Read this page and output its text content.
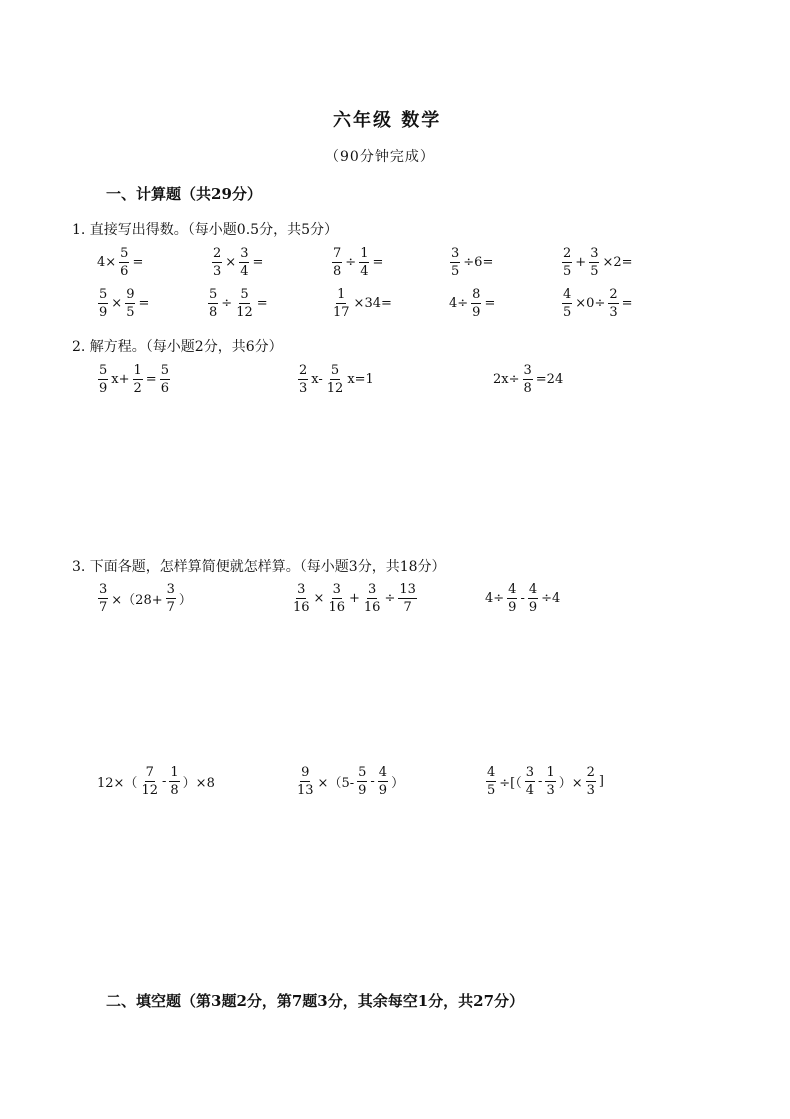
六年级 数学
（90分钟完成）
一、计算题（共29分）
1. 直接写出得数。（每小题0.5分，共5分）
$4\times \frac{5}{6}$ =	$\frac{2}{3} \times \frac{3}{4}$ =	$\frac{7}{8} \div \frac{1}{4}$ =	$\frac{3}{5} \div 6=$	$\frac{2}{5} + \frac{3}{5} \times 2=$
$\frac{5}{9} \times \frac{9}{5}$ =	$\frac{5}{8} \div \frac{5}{12}$ =	$\frac{1}{17} \times 34=$	$4\div \frac{8}{9}$ =	$\frac{4}{5} \times 0\div \frac{2}{3}$ =
2. 解方程。（每小题2分，共6分）
$\frac{5}{9} x+ \frac{1}{2} = \frac{5}{6}$	$\frac{2}{3} x- \frac{5}{12} x=1$	$2x\div \frac{3}{8} =24$
3. 下面各题，怎样算简便就怎样算。（每小题3分，共18分）
$\frac{3}{7} \times(28+ \frac{3}{7}$ ）	$\frac{3}{16} \times \frac{3}{16} + \frac{3}{16} \div \frac{13}{7}$	$4\div \frac{4}{9} - \frac{4}{9} \div 4$
$12\times( \frac{7}{12} - \frac{1}{8} )\times 8$	$\frac{9}{13} \times(5- \frac{5}{9} - \frac{4}{9}$ ）	$\frac{4}{5}$ ÷[（ $\frac{3}{4} - \frac{1}{3}$ ）× $\frac{2}{3}$ ]
二、填空题（第3题2分，第7题3分，其余每空1分，共27分）
